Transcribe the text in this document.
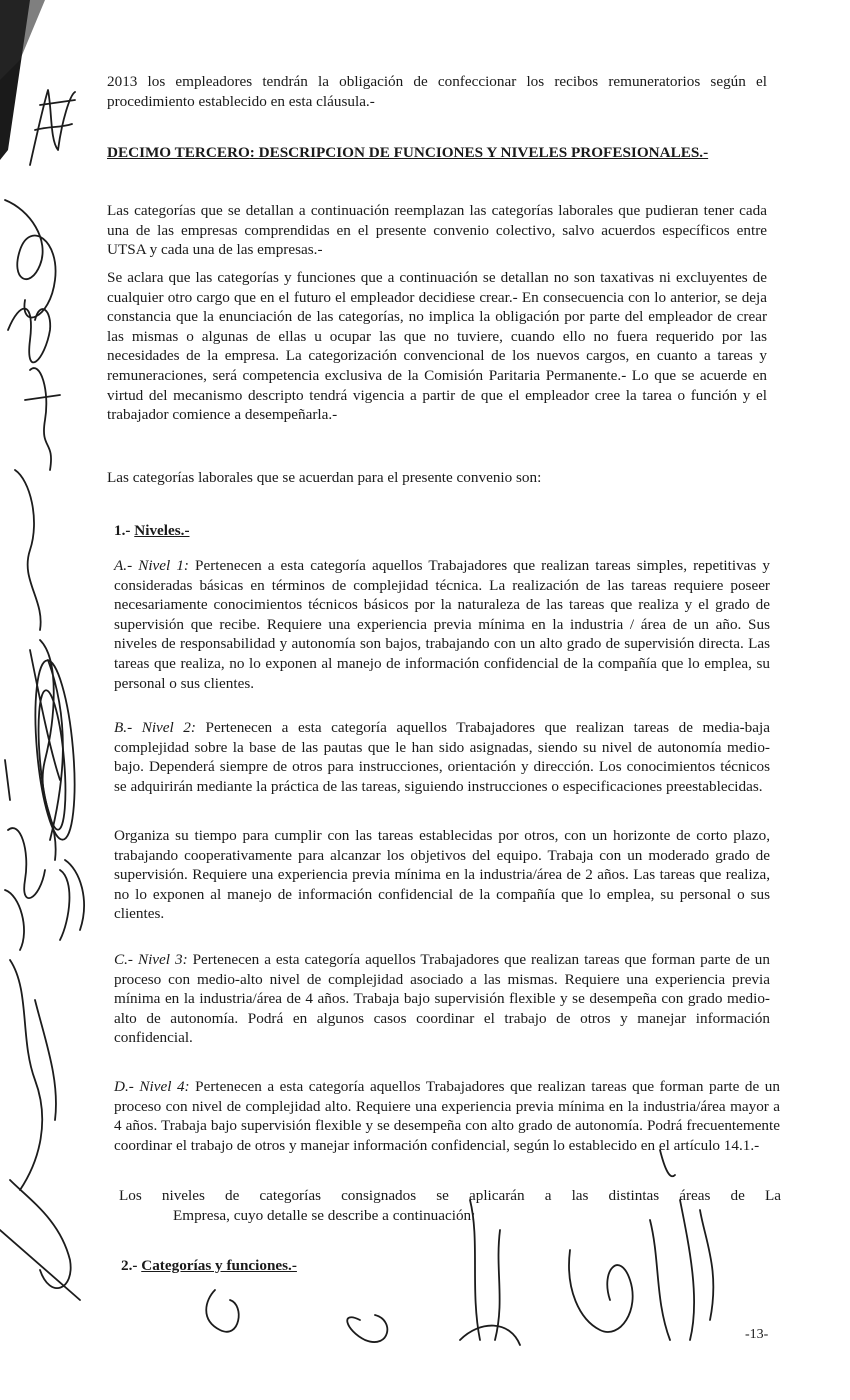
2013 los empleadores tendrán la obligación de confeccionar los recibos remuneratorios según el procedimiento establecido en esta cláusula.-

DECIMO TERCERO: DESCRIPCION DE FUNCIONES Y NIVELES PROFESIONALES.-

Las categorías que se detallan a continuación reemplazan las categorías laborales que pudieran tener cada una de las empresas comprendidas en el presente convenio colectivo, salvo acuerdos específicos entre UTSA y cada una de las empresas.-

Se aclara que las categorías y funciones que a continuación se detallan no son taxativas ni excluyentes de cualquier otro cargo que en el futuro el empleador decidiese crear.- En consecuencia con lo anterior, se deja constancia que la enunciación de las categorías, no implica la obligación por parte del empleador de crear las mismas o algunas de ellas u ocupar las que no tuviere, cuando ello no fuera requerido por las necesidades de la empresa. La categorización convencional de los nuevos cargos, en cuanto a tareas y remuneraciones, será competencia exclusiva de la Comisión Paritaria Permanente.- Lo que se acuerde en virtud del mecanismo descripto tendrá vigencia a partir de que el empleador cree la tarea o función y el trabajador comience a desempeñarla.-

Las categorías laborales que se acuerdan para el presente convenio son:

1.- Niveles.-

A.- Nivel 1: Pertenecen a esta categoría aquellos Trabajadores que realizan tareas simples, repetitivas y consideradas básicas en términos de complejidad técnica. La realización de las tareas requiere poseer necesariamente conocimientos técnicos básicos por la naturaleza de las tareas que realiza y el grado de supervisión que recibe. Requiere una experiencia previa mínima en la industria / área de un año. Sus niveles de responsabilidad y autonomía son bajos, trabajando con un alto grado de supervisión directa. Las tareas que realiza, no lo exponen al manejo de información confidencial de la compañía que lo emplea, su personal o sus clientes.

B.- Nivel 2: Pertenecen a esta categoría aquellos Trabajadores que realizan tareas de media-baja complejidad sobre la base de las pautas que le han sido asignadas, siendo su nivel de autonomía medio-bajo. Dependerá siempre de otros para instrucciones, orientación y dirección. Los conocimientos técnicos se adquirirán mediante la práctica de las tareas, siguiendo instrucciones o especificaciones preestablecidas.

Organiza su tiempo para cumplir con las tareas establecidas por otros, con un horizonte de corto plazo, trabajando cooperativamente para alcanzar los objetivos del equipo. Trabaja con un moderado grado de supervisión. Requiere una experiencia previa mínima en la industria/área de 2 años. Las tareas que realiza, no lo exponen al manejo de información confidencial de la compañía que lo emplea, su personal o sus clientes.

C.- Nivel 3: Pertenecen a esta categoría aquellos Trabajadores que realizan tareas que forman parte de un proceso con medio-alto nivel de complejidad asociado a las mismas. Requiere una experiencia previa mínima en la industria/área de 4 años. Trabaja bajo supervisión flexible y se desempeña con grado medio-alto de autonomía. Podrá en algunos casos coordinar el trabajo de otros y manejar información confidencial.

D.- Nivel 4: Pertenecen a esta categoría aquellos Trabajadores que realizan tareas que forman parte de un proceso con nivel de complejidad alto. Requiere una experiencia previa mínima en la industria/área mayor a 4 años. Trabaja bajo supervisión flexible y se desempeña con alto grado de autonomía. Podrá frecuentemente coordinar el trabajo de otros y manejar información confidencial, según lo establecido en el artículo 14.1.-

Los niveles de categorías consignados se aplicarán a las distintas áreas de La

Empresa, cuyo detalle se describe a continuación:

2.- Categorías y funciones.-

-13-
